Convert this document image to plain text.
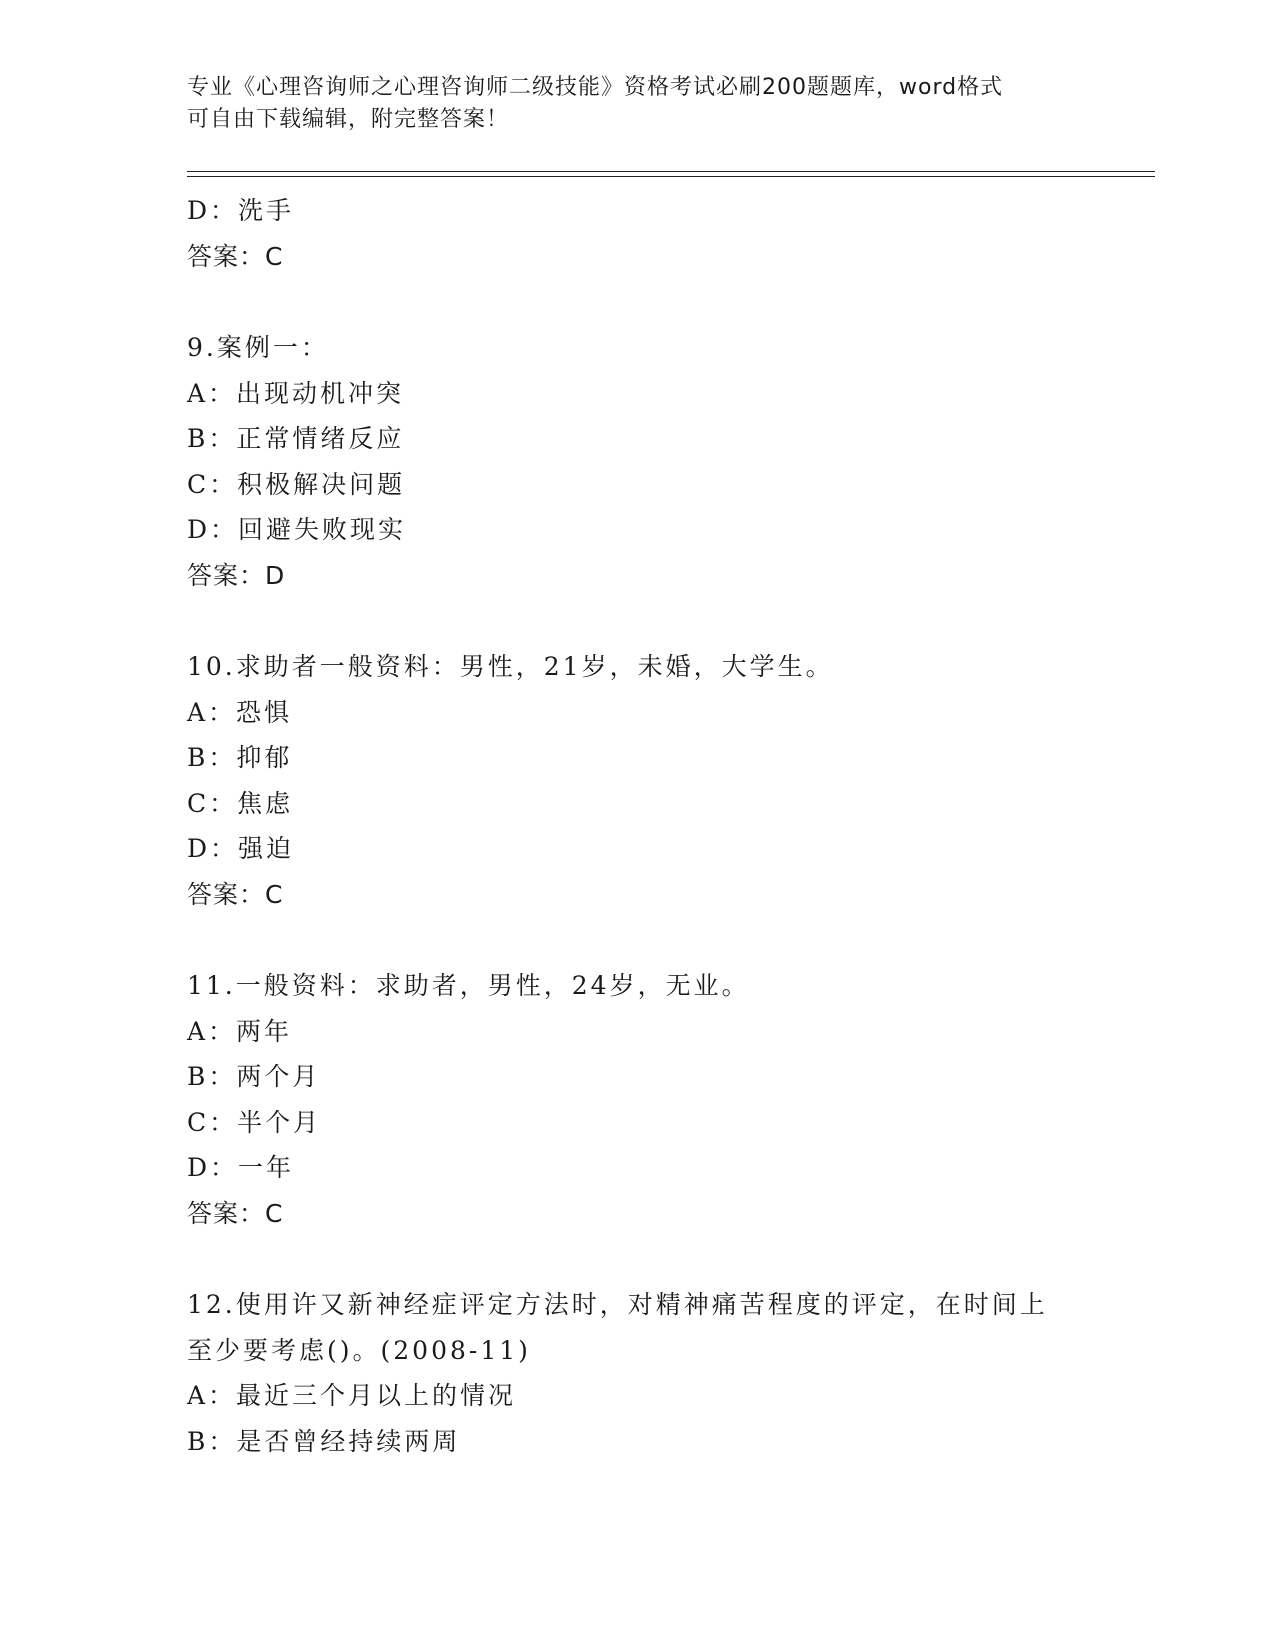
专业《心理咨询师之心理咨询师二级技能》资格考试必刷200题题库，word格式
可自由下载编辑，附完整答案！
D：洗手
答案：C
9.案例一：
A：出现动机冲突
B：正常情绪反应
C：积极解决问题
D：回避失败现实
答案：D
10.求助者一般资料：男性，21岁，未婚，大学生。
A：恐惧
B：抑郁
C：焦虑
D：强迫
答案：C
11.一般资料：求助者，男性，24岁，无业。
A：两年
B：两个月
C：半个月
D：一年
答案：C
12.使用许又新神经症评定方法时，对精神痛苦程度的评定，在时间上
至少要考虑()。(2008-11)
A：最近三个月以上的情况
B：是否曾经持续两周
